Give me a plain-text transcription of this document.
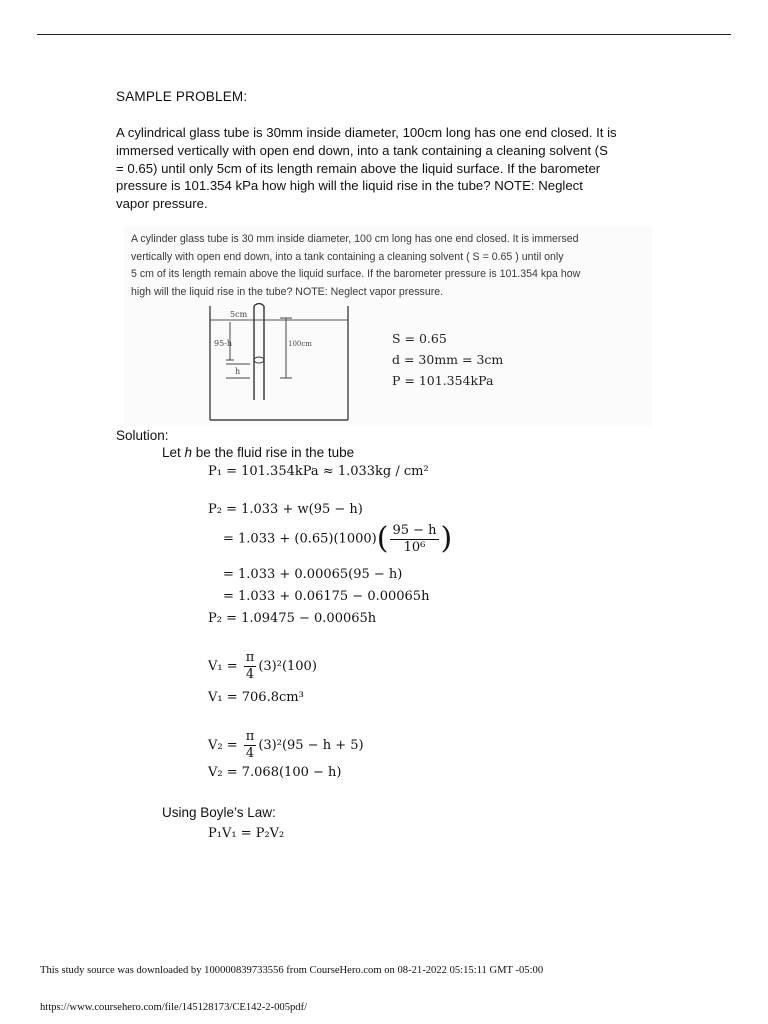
SAMPLE PROBLEM:
A cylindrical glass tube is 30mm inside diameter, 100cm long has one end closed. It is
immersed vertically with open end down, into a tank containing a cleaning solvent (S
= 0.65) until only 5cm of its length remain above the liquid surface. If the barometer
pressure is 101.354 kPa how high will the liquid rise in the tube? NOTE: Neglect
vapor pressure.
A cylinder glass tube is 30 mm inside diameter, 100 cm long has one end closed. It is immersed
vertically with open end down, into a tank containing a cleaning solvent ( S = 0.65 ) until only
5 cm of its length remain above the liquid surface. If the barometer pressure is 101.354 kpa how
high will the liquid rise in the tube? NOTE: Neglect vapor pressure.
5cm
95-h	100cm
h
S = 0.65
d = 30mm = 3cm
P = 101.354kPa
Solution:
Let h be the fluid rise in the tube
P₁ = 101.354kPa ≈ 1.033kg / cm²
P₂ = 1.033 + w(95 − h)
= $1.033 + (0.65)(1000)( \frac{95 - h}{\text{10⁶}}$ )
= 1.033 + 0.00065(95 − h)
= 1.033 + 0.06175 − 0.00065h
P₂ = 1.09475 − 0.00065h
$V_1 = \frac{\pi}{4} (3)^2(100)$
V₁ = 706.8cm³
$V_2 = \frac{\pi}{4} (3)^2(95 - h + 5)$
V₂ = 7.068(100 − h)
Using Boyle’s Law:
P₁V₁ = P₂V₂
This study source was downloaded by 100000839733556 from CourseHero.com on 08-21-2022 05:15:11 GMT -05:00
https://www.coursehero.com/file/145128173/CE142-2-005pdf/
